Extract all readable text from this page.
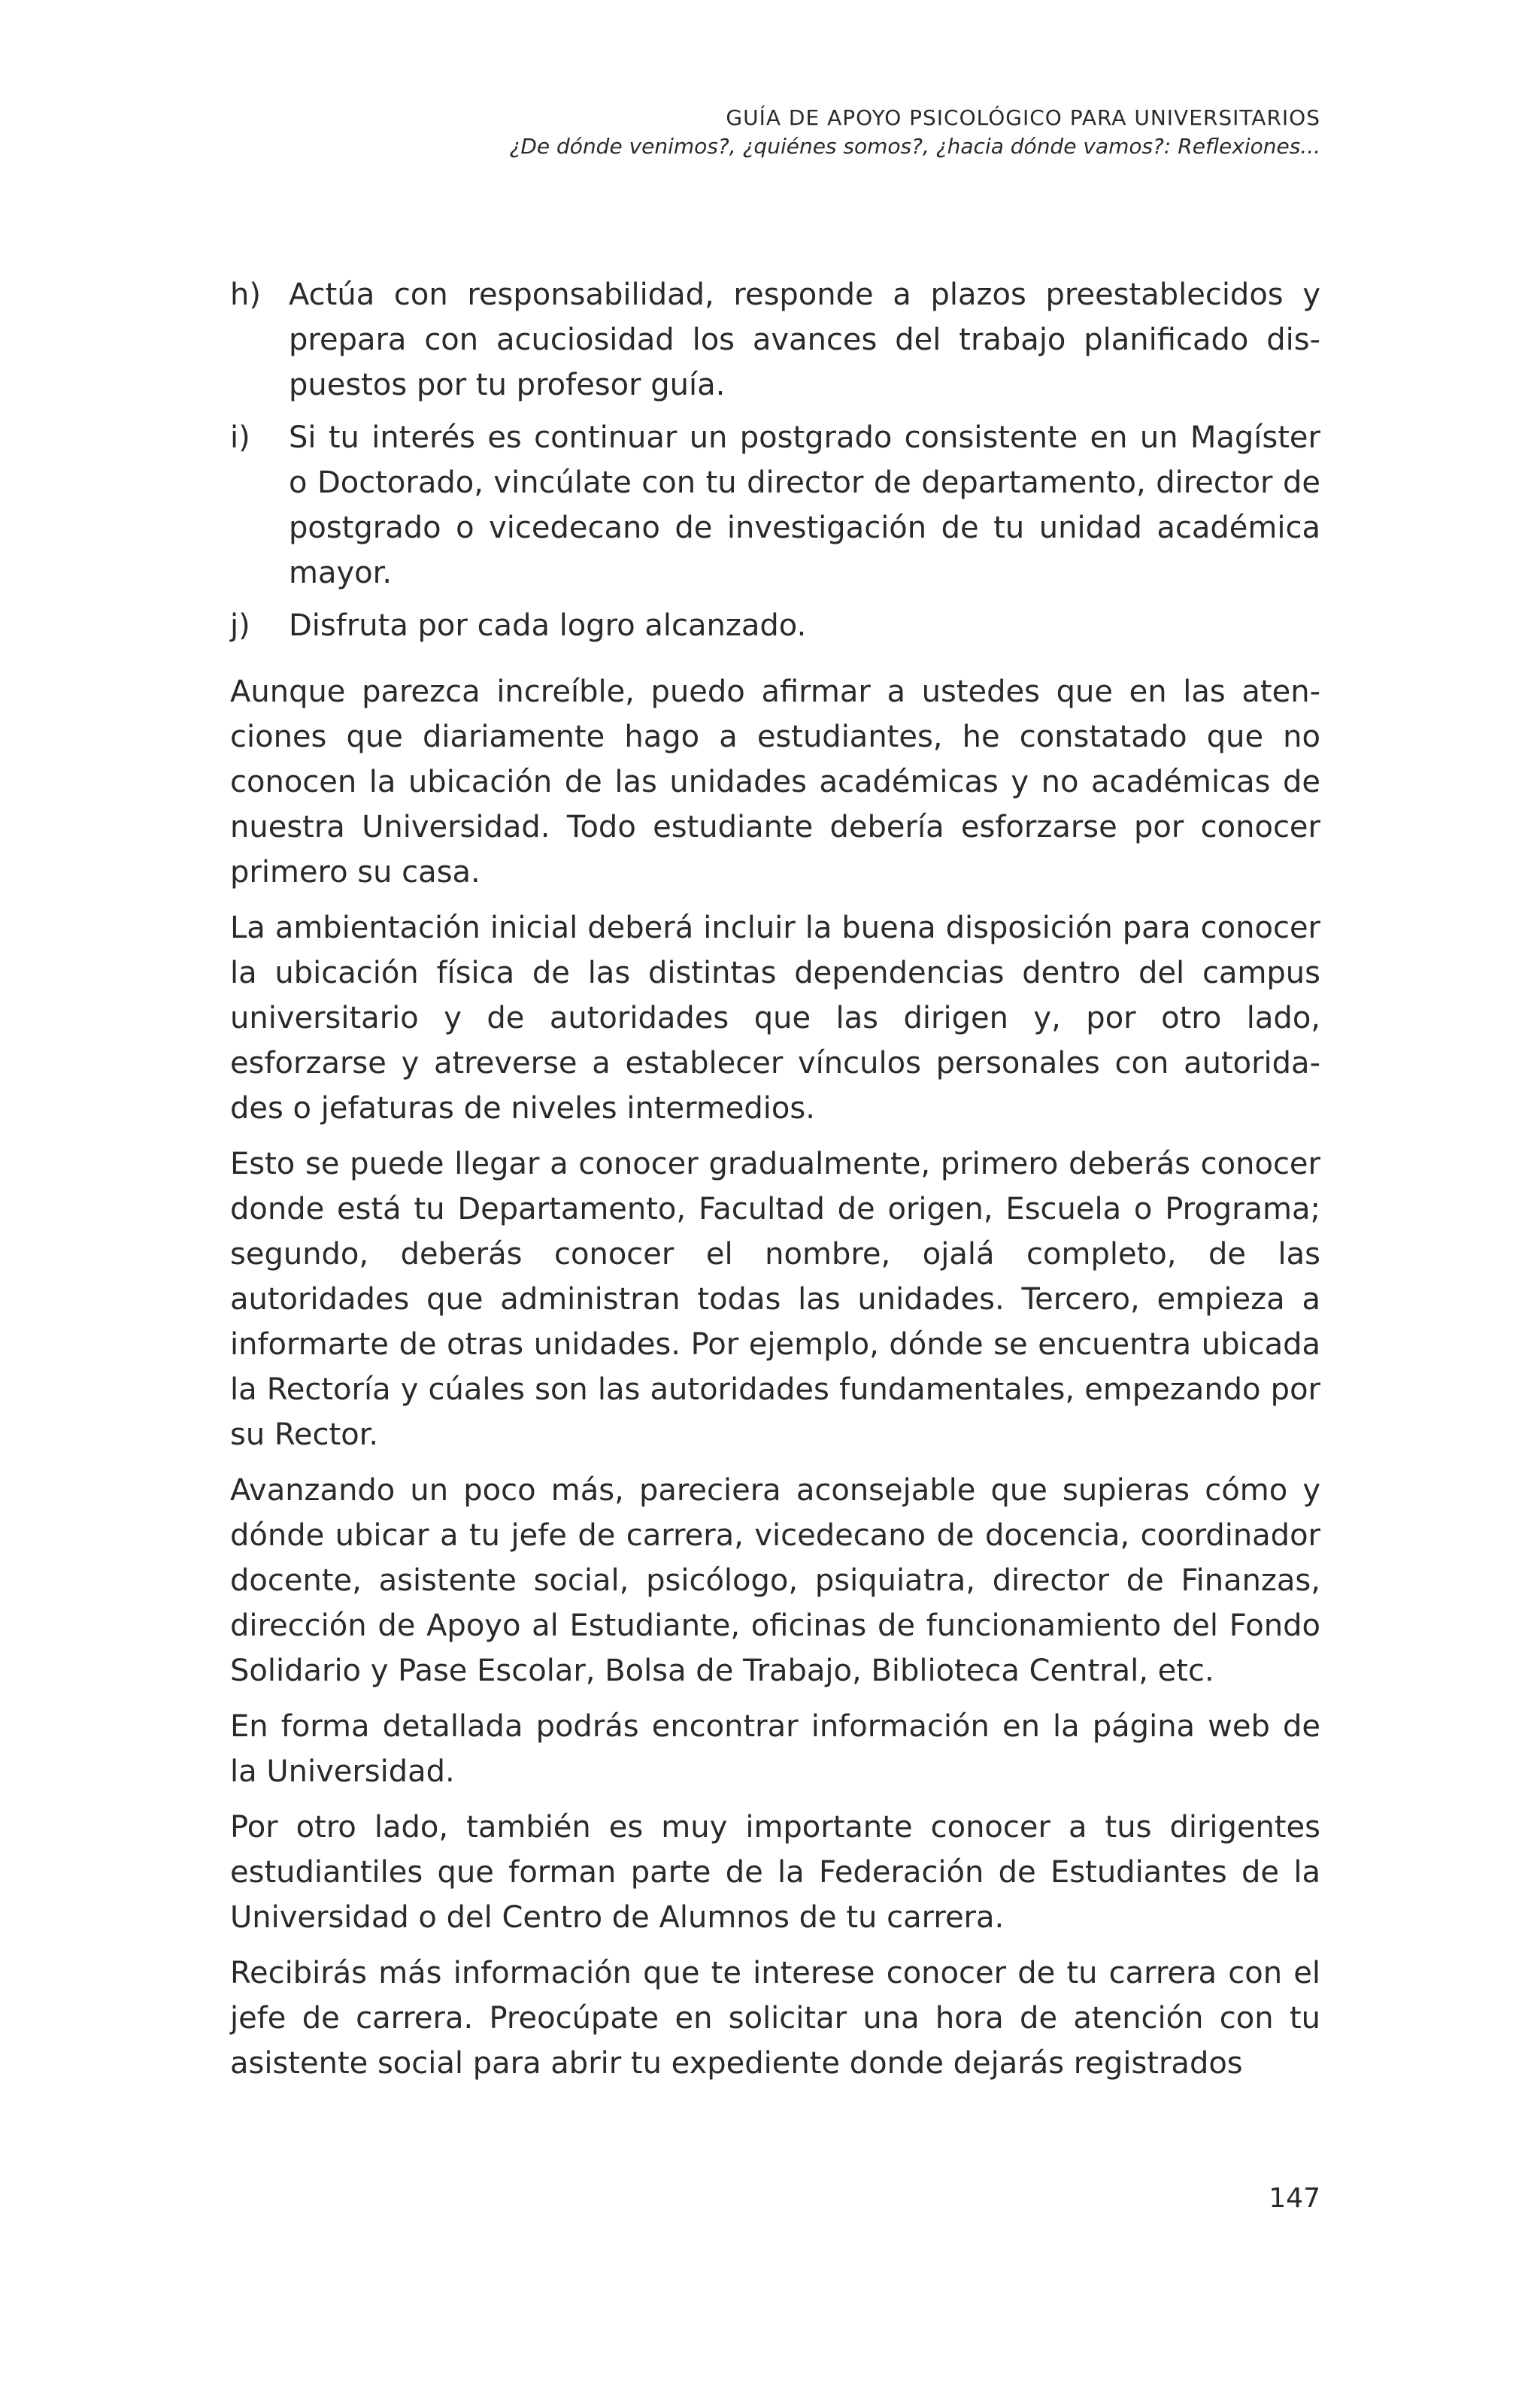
GUÍA DE APOYO PSICOLÓGICO PARA UNIVERSITARIOS
¿De dónde venimos?, ¿quiénes somos?, ¿hacia dónde vamos?: Reflexiones...
h) Actúa con responsabilidad, responde a plazos preestablecidos y prepara con acuciosidad los avances del trabajo planificado dispuestos por tu profesor guía.
i) Si tu interés es continuar un postgrado consistente en un Magíster o Doctorado, vincúlate con tu director de departamento, director de postgrado o vicedecano de investigación de tu unidad académica mayor.
j) Disfruta por cada logro alcanzado.

Aunque parezca increíble, puedo afirmar a ustedes que en las atenciones que diariamente hago a estudiantes, he constatado que no conocen la ubicación de las unidades académicas y no académicas de nuestra Universidad. Todo estudiante debería esforzarse por conocer primero su casa.

La ambientación inicial deberá incluir la buena disposición para conocer la ubicación física de las distintas dependencias dentro del campus universitario y de autoridades que las dirigen y, por otro lado, esforzarse y atreverse a establecer vínculos personales con autoridades o jefaturas de niveles intermedios.

Esto se puede llegar a conocer gradualmente, primero deberás conocer donde está tu Departamento, Facultad de origen, Escuela o Programa; segundo, deberás conocer el nombre, ojalá completo, de las autoridades que administran todas las unidades. Tercero, empieza a informarte de otras unidades. Por ejemplo, dónde se encuentra ubicada la Rectoría y cúales son las autoridades fundamentales, empezando por su Rector.

Avanzando un poco más, pareciera aconsejable que supieras cómo y dónde ubicar a tu jefe de carrera, vicedecano de docencia, coordinador docente, asistente social, psicólogo, psiquiatra, director de Finanzas, dirección de Apoyo al Estudiante, oficinas de funcionamiento del Fondo Solidario y Pase Escolar, Bolsa de Trabajo, Biblioteca Central, etc.

En forma detallada podrás encontrar información en la página web de la Universidad.

Por otro lado, también es muy importante conocer a tus dirigentes estudiantiles que forman parte de la Federación de Estudiantes de la Universidad o del Centro de Alumnos de tu carrera.

Recibirás más información que te interese conocer de tu carrera con el jefe de carrera. Preocúpate en solicitar una hora de atención con tu asistente social para abrir tu expediente donde dejarás registrados

147
